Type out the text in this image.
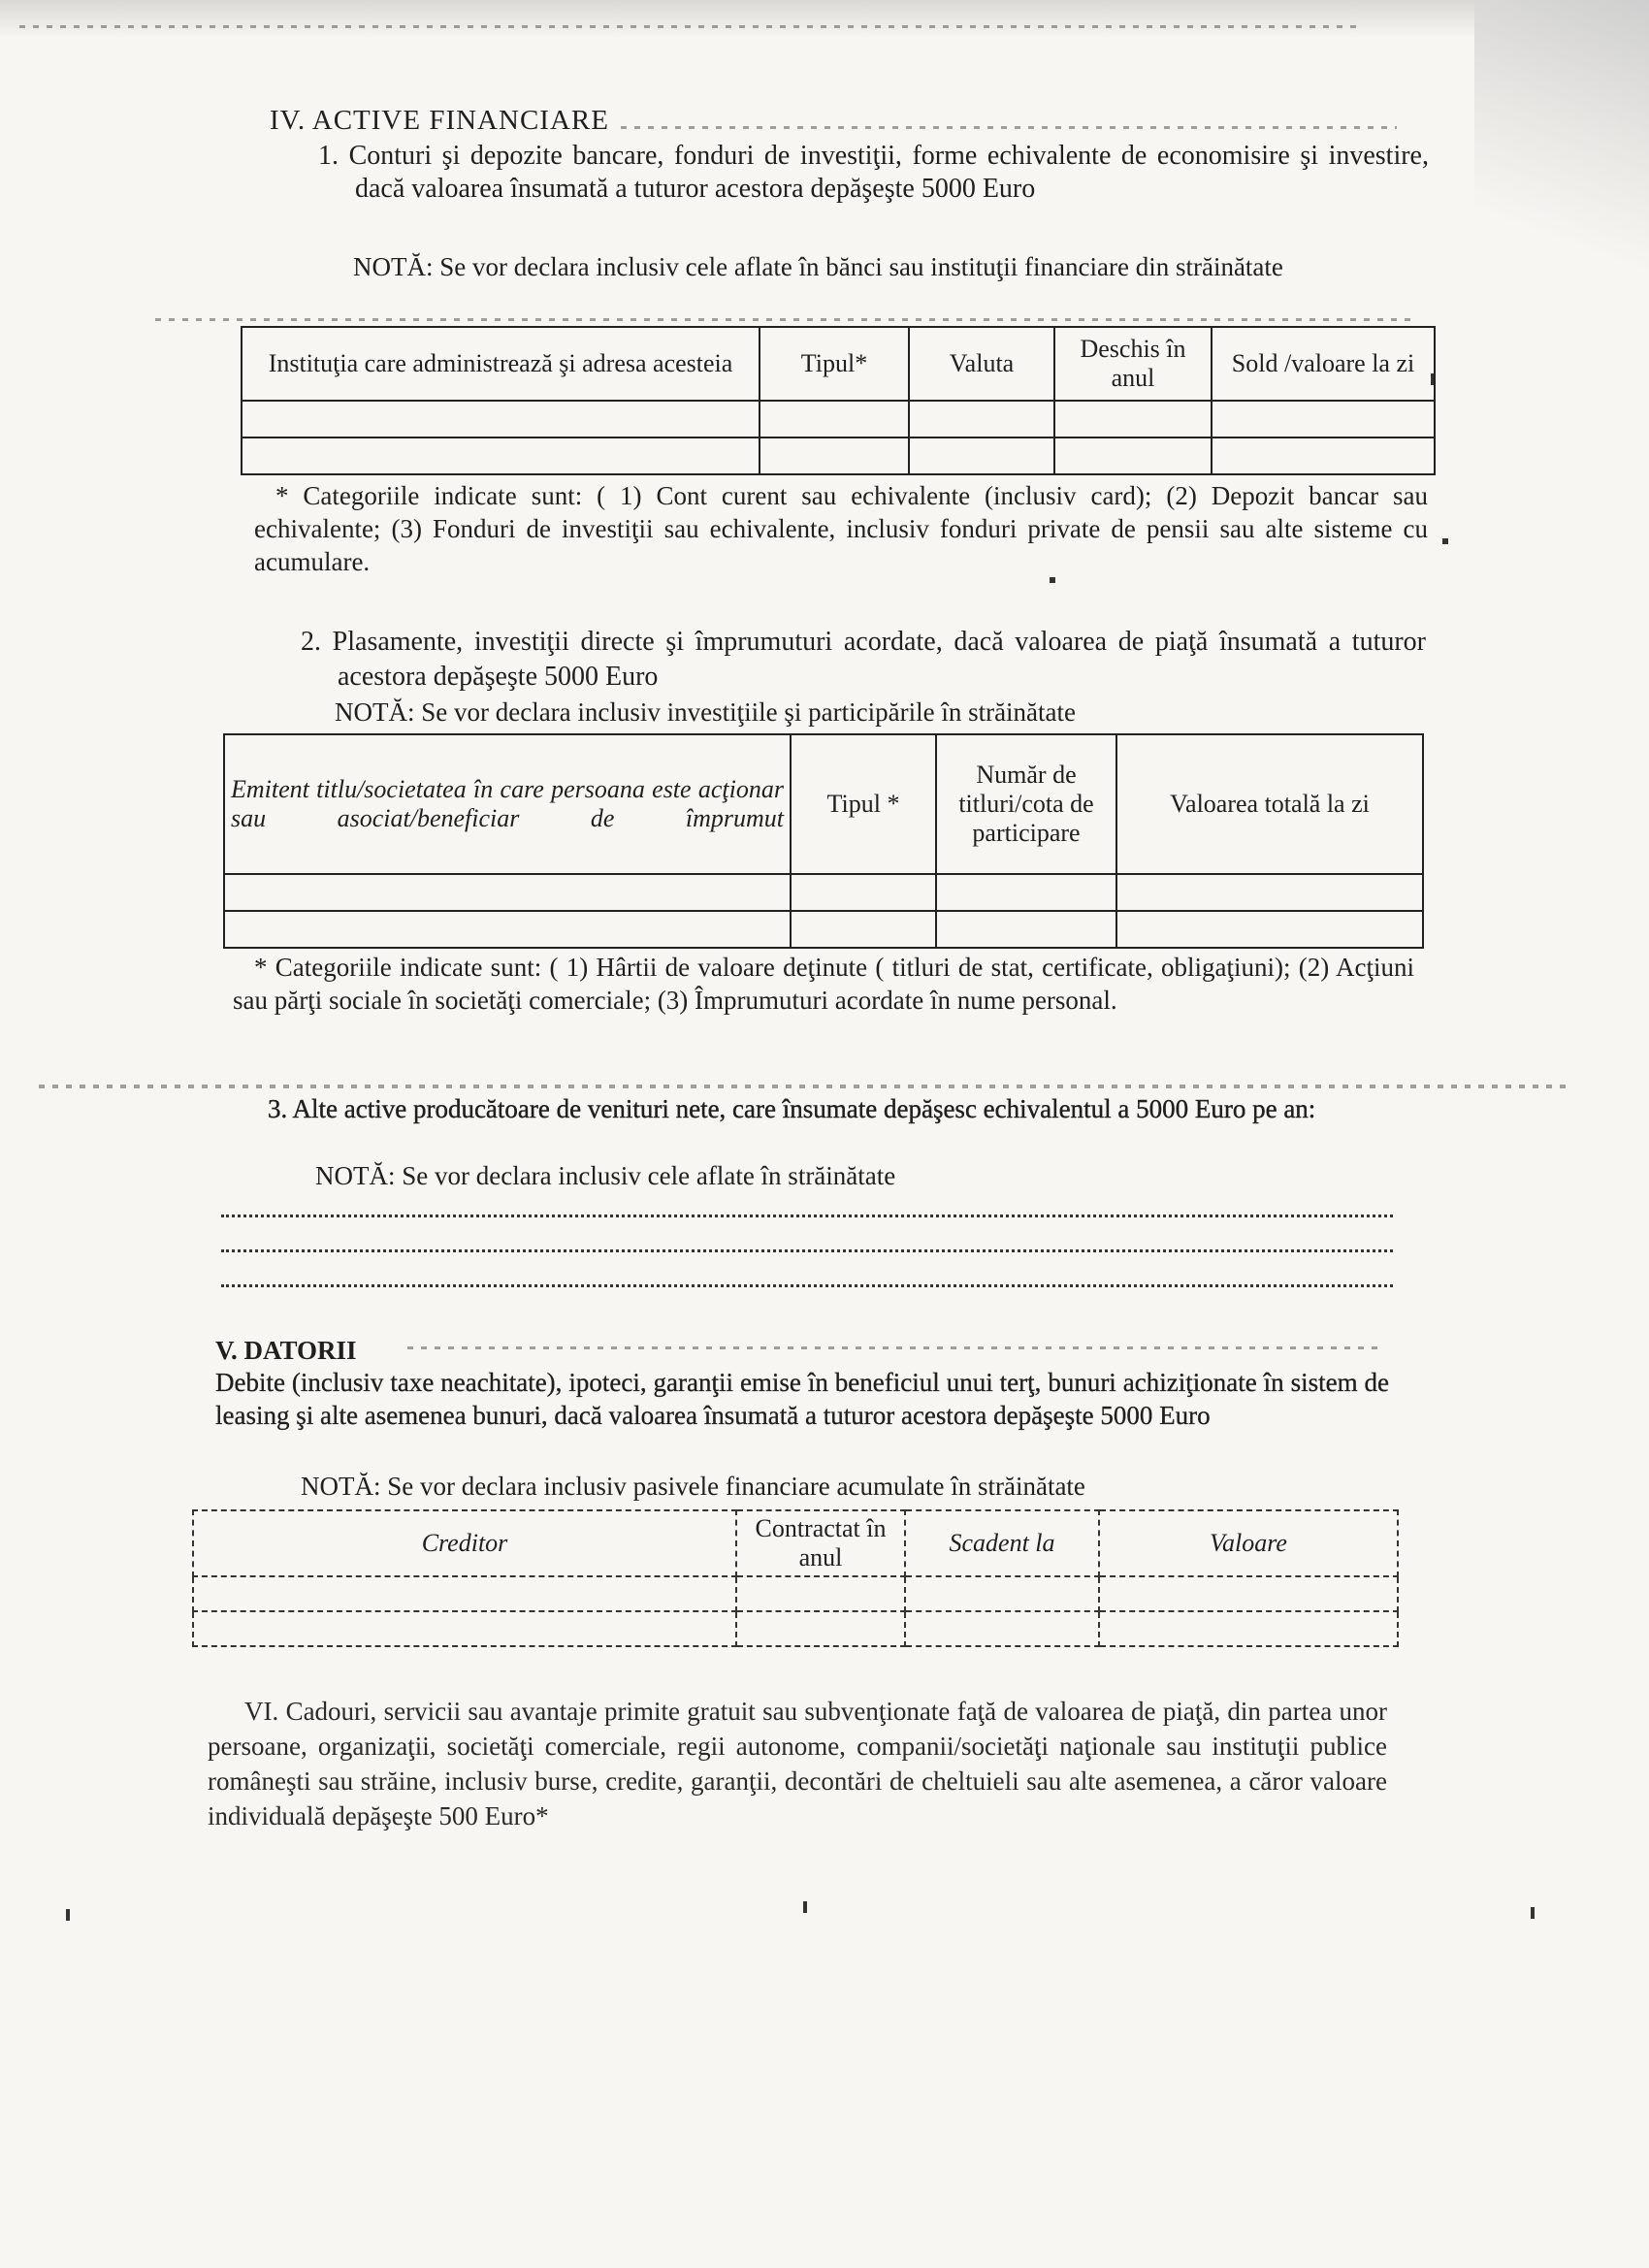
IV. ACTIVE FINANCIARE
1. Conturi şi depozite bancare, fonduri de investiţii, forme echivalente de economisire şi investire, dacă valoarea însumată a tuturor acestora depăşeşte 5000 Euro
NOTĂ: Se vor declara inclusiv cele aflate în bănci sau instituţii financiare din străinătate
Instituţia care administrează şi adresa acesteia	Tipul*	Valuta	Deschis în anul	Sold /valoare la zi

* Categoriile indicate sunt: ( 1) Cont curent sau echivalente (inclusiv card); (2) Depozit bancar sau echivalente; (3) Fonduri de investiţii sau echivalente, inclusiv fonduri private de pensii sau alte sisteme cu acumulare.
2. Plasamente, investiţii directe şi împrumuturi acordate, dacă valoarea de piaţă însumată a tuturor acestora depăşeşte 5000 Euro
NOTĂ: Se vor declara inclusiv investiţiile şi participările în străinătate
Emitent titlu/societatea în care persoana este acţionar sau asociat/beneficiar de împrumut	Tipul *	Număr de titluri/cota de participare	Valoarea totală la zi

* Categoriile indicate sunt: ( 1) Hârtii de valoare deţinute ( titluri de stat, certificate, obligaţiuni); (2) Acţiuni sau părţi sociale în societăţi comerciale; (3) Împrumuturi acordate în nume personal.
3. Alte active producătoare de venituri nete, care însumate depăşesc echivalentul a 5000 Euro pe an:
NOTĂ: Se vor declara inclusiv cele aflate în străinătate
V. DATORII
Debite (inclusiv taxe neachitate), ipoteci, garanţii emise în beneficiul unui terţ, bunuri achiziţionate în sistem de leasing şi alte asemenea bunuri, dacă valoarea însumată a tuturor acestora depăşeşte 5000 Euro
NOTĂ: Se vor declara inclusiv pasivele financiare acumulate în străinătate
Creditor	Contractat în anul	Scadent la	Valoare

VI. Cadouri, servicii sau avantaje primite gratuit sau subvenţionate faţă de valoarea de piaţă, din partea unor persoane, organizaţii, societăţi comerciale, regii autonome, companii/societăţi naţionale sau instituţii publice româneşti sau străine, inclusiv burse, credite, garanţii, decontări de cheltuieli sau alte asemenea, a căror valoare individuală depăşeşte 500 Euro*
